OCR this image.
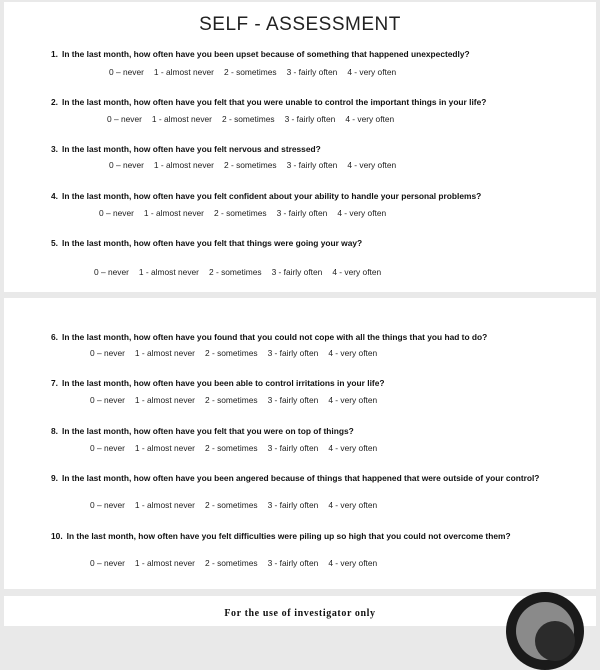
SELF - ASSESSMENT
1. In the last month, how often have you been upset because of something that happened unexpectedly?
0 – never 1 - almost never 2 - sometimes 3 - fairly often 4 - very often
2. In the last month, how often have you felt that you were unable to control the important things in your life?
0 – never 1 - almost never 2 - sometimes 3 - fairly often 4 - very often
3. In the last month, how often have you felt nervous and stressed?
0 – never 1 - almost never 2 - sometimes 3 - fairly often 4 - very often
4. In the last month, how often have you felt confident about your ability to handle your personal problems?
0 – never 1 - almost never 2 - sometimes 3 - fairly often 4 - very often
5. In the last month, how often have you felt that things were going your way?
0 – never 1 - almost never 2 - sometimes 3 - fairly often 4 - very often
6. In the last month, how often have you found that you could not cope with all the things that you had to do?
0 – never 1 - almost never 2 - sometimes 3 - fairly often 4 - very often
7. In the last month, how often have you been able to control irritations in your life?
0 – never 1 - almost never 2 - sometimes 3 - fairly often 4 - very often
8. In the last month, how often have you felt that you were on top of things?
0 – never 1 - almost never 2 - sometimes 3 - fairly often 4 - very often
9. In the last month, how often have you been angered because of things that happened that were outside of your control?
0 – never 1 - almost never 2 - sometimes 3 - fairly often 4 - very often
10. In the last month, how often have you felt difficulties were piling up so high that you could not overcome them?
0 – never 1 - almost never 2 - sometimes 3 - fairly often 4 - very often
For the use of investigator only
